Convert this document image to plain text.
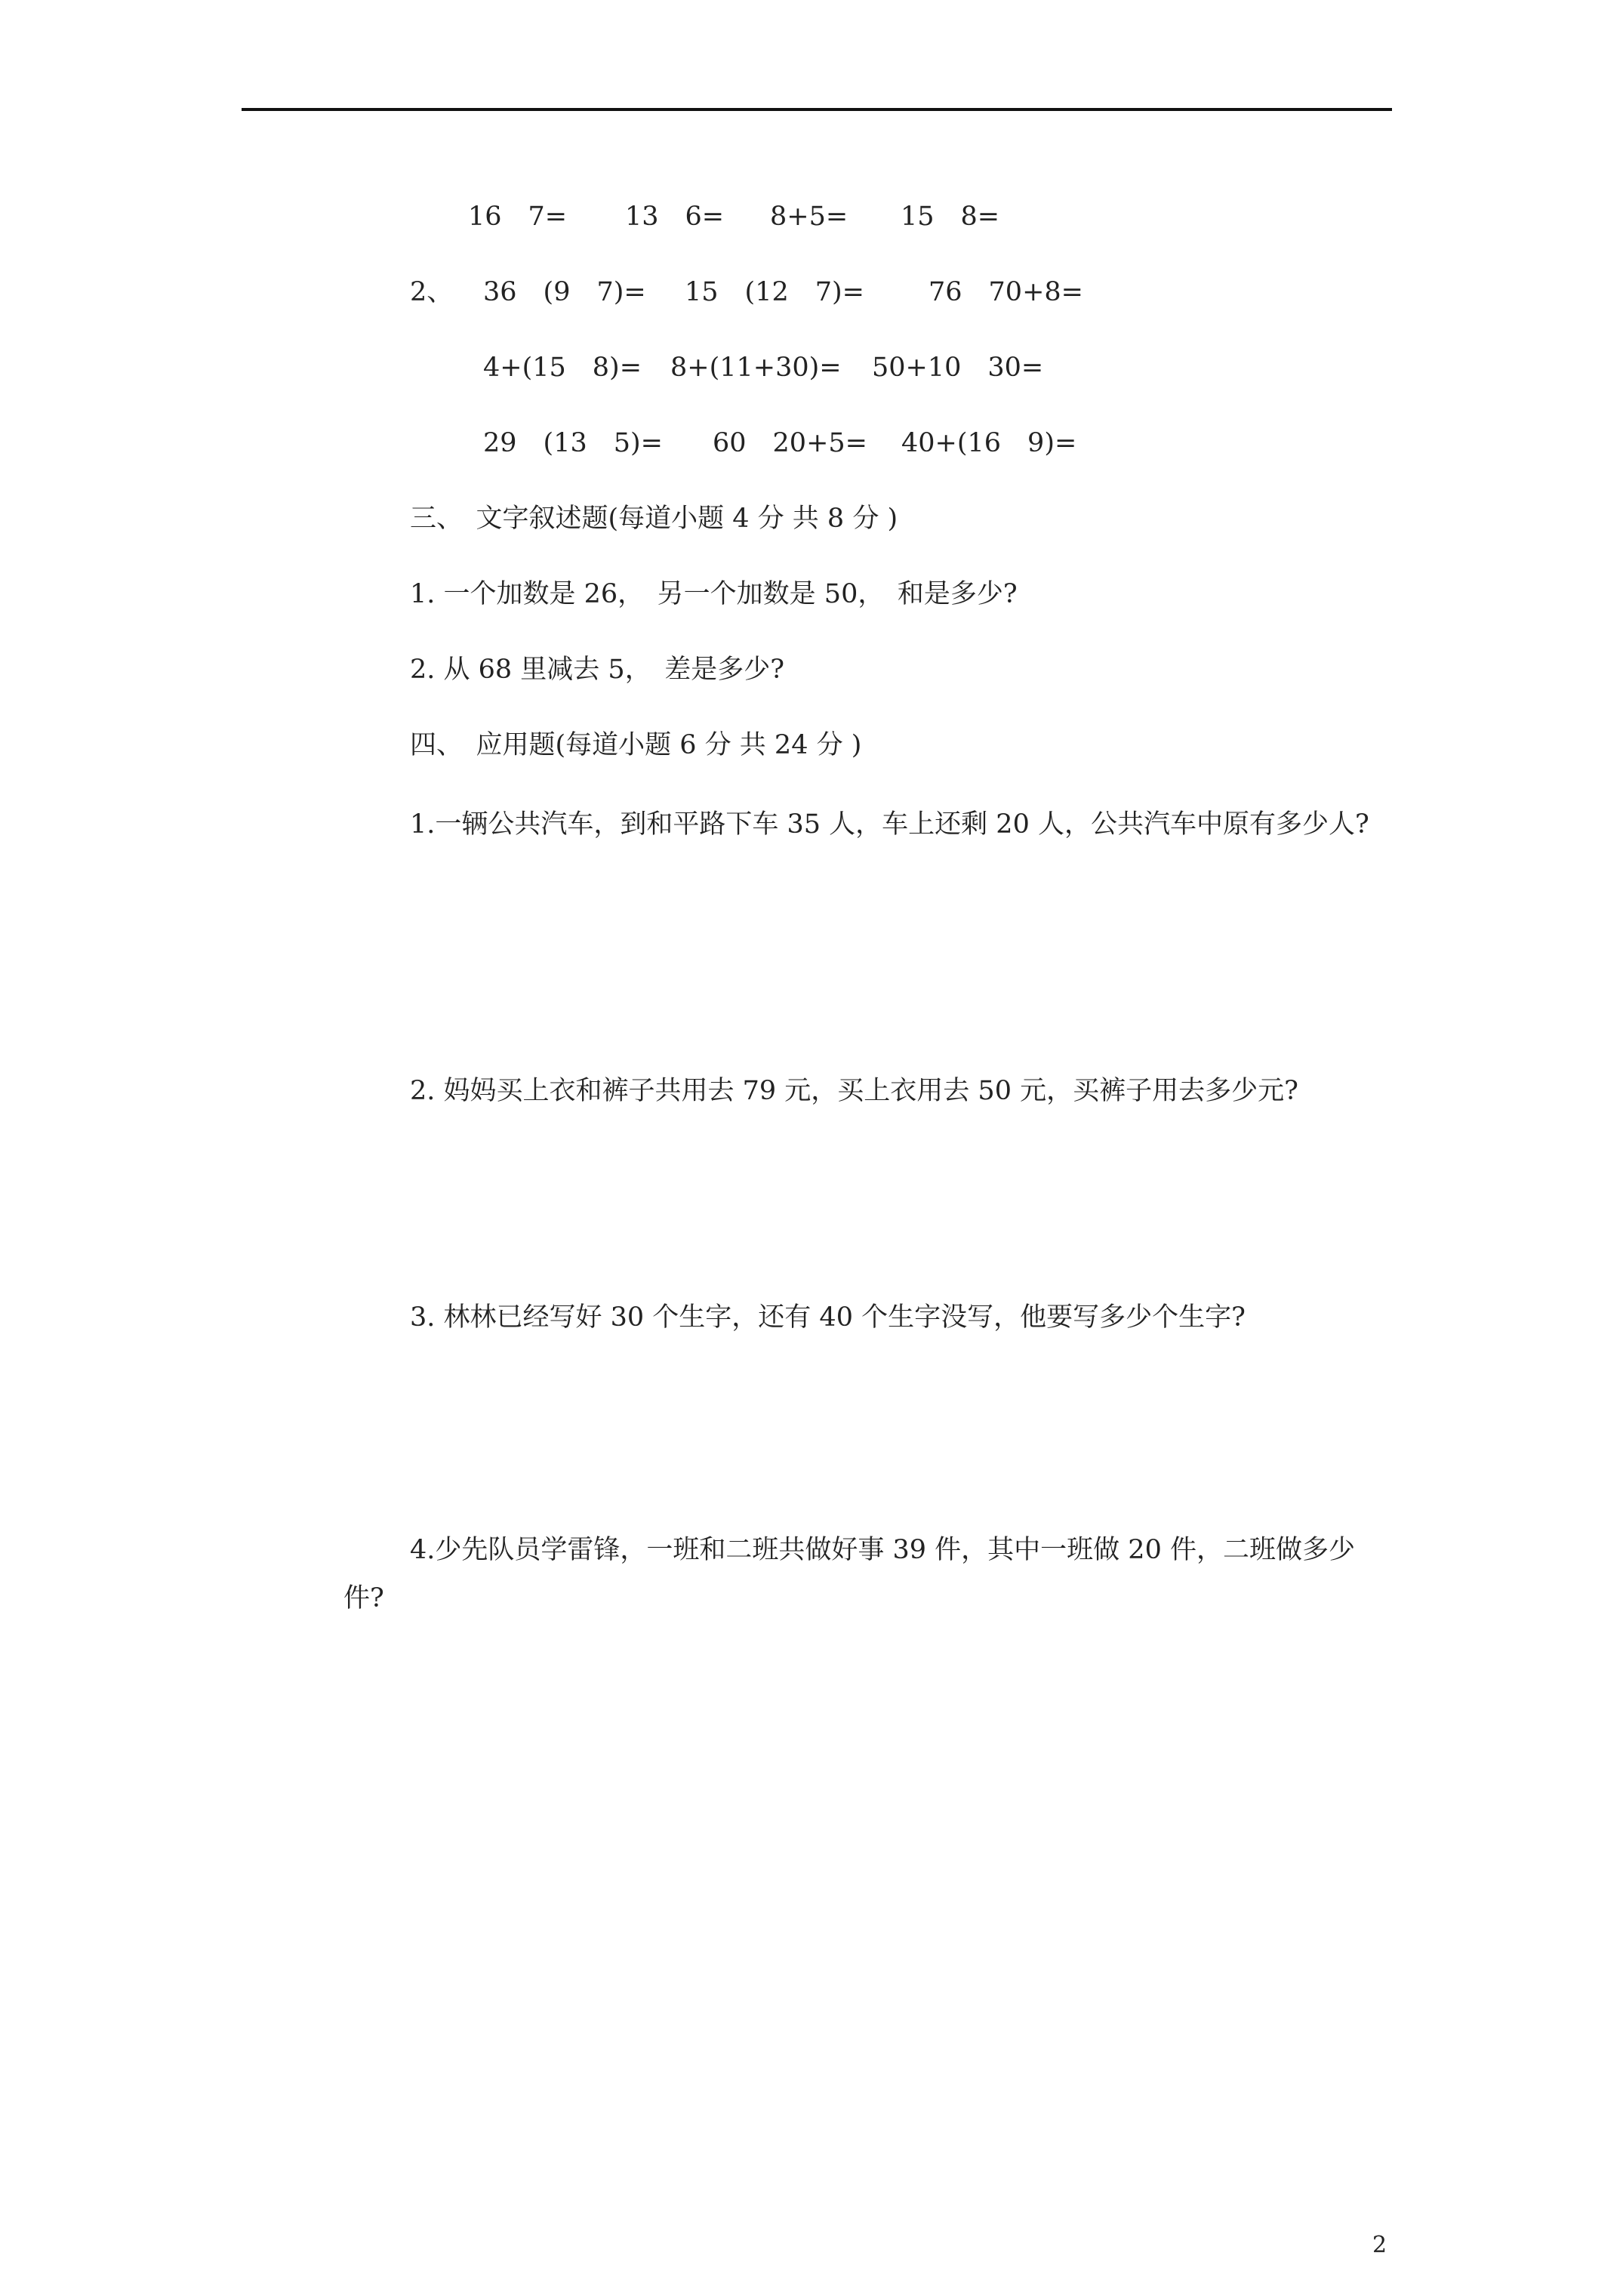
16　7= 13　6= 8+5= 15　8=
2、 36　(9　7)= 15　(12　7)= 76　70+8=
4+(15　8)= 8+(11+30)= 50+10　30=
29　(13　5)= 60　20+5= 40+(16　9)=
三、　文字叙述题(每道小题 4 分 共 8 分 )
1. 一个加数是 26，　另一个加数是 50，　和是多少?
2. 从 68 里减去 5，　差是多少?
四、　应用题(每道小题 6 分 共 24 分 )
1.一辆公共汽车，到和平路下车 35 人，车上还剩 20 人，公共汽车中原有多少人?
2. 妈妈买上衣和裤子共用去 79 元，买上衣用去 50 元，买裤子用去多少元?
3. 林林已经写好 30 个生字，还有 40 个生字没写，他要写多少个生字?
4.少先队员学雷锋，一班和二班共做好事 39 件，其中一班做 20 件，二班做多少件?
2
